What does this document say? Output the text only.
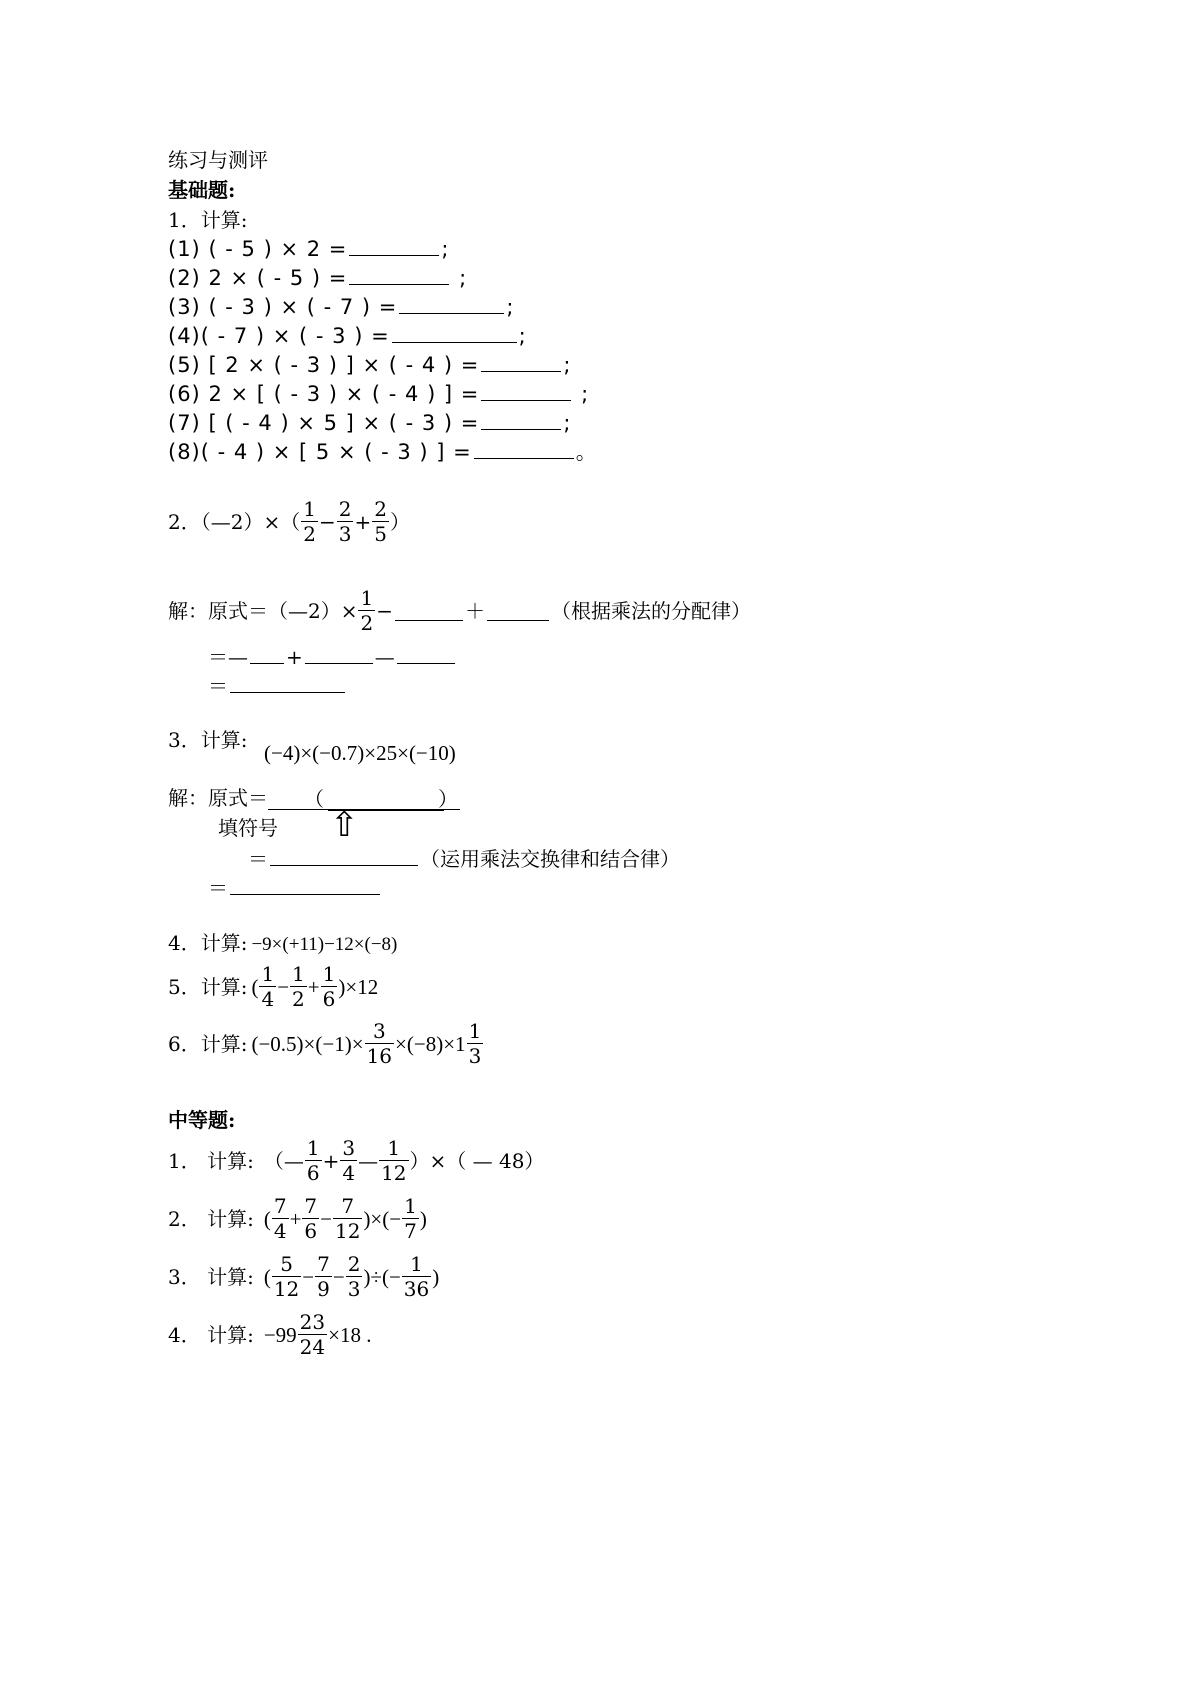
练习与测评
基础题:
1．计算:
(1) ( - 5 ) × 2 =	;
(2) 2 × ( - 5 ) =	;
(3) ( - 3 ) × ( - 7 ) =	;
(4)( - 7 ) × ( - 3 ) =	;
(5) [ 2 × ( - 3 ) ] × ( - 4 ) =	;
(6) 2 × [ ( - 3 ) × ( - 4 ) ] =	;
(7) [ ( - 4 ) × 5 ] × ( - 3 ) =	;
(8)( - 4 ) × [ 5 × ( - 3 ) ] =	。
2．（—2）×（ $\frac{1}{2} - \frac{2}{3} + \frac{2}{5}$ ）
解：原式＝（—2）× $\frac{1}{2}$ −	＋	（根据乘法的分配律）
＝— +	—
＝
3．计算:
(−4)×(−0.7)×25×(−10)
解：原式＝ （	）
填符号 ⇧
＝	（运用乘法交换律和结合律）
＝
4．计算: −9×(+11)−12×(−8)
5．计算: ( $\frac{1}{4} - \frac{1}{2} + \frac{1}{6} )\times 12$
6．计算: $(-0.5)\times(-1)\times \frac{3}{16} \times(-8)\times 1 \frac{1}{3}$
中等题:
1． 计算: （— $\frac{1}{6} + \frac{3}{4}$ — $\frac{1}{12}$ ）×（ — 48）
2． 计算: ( $\frac{7}{4} + \frac{7}{6} - \frac{7}{12}$ )×(− $\frac{1}{7}$ )
3． 计算: ( $\frac{5}{12} - \frac{7}{9} - \frac{2}{3}$ )÷(− $\frac{1}{36}$ )
4． 计算: $-99 \frac{23}{24} \times 18$ .
